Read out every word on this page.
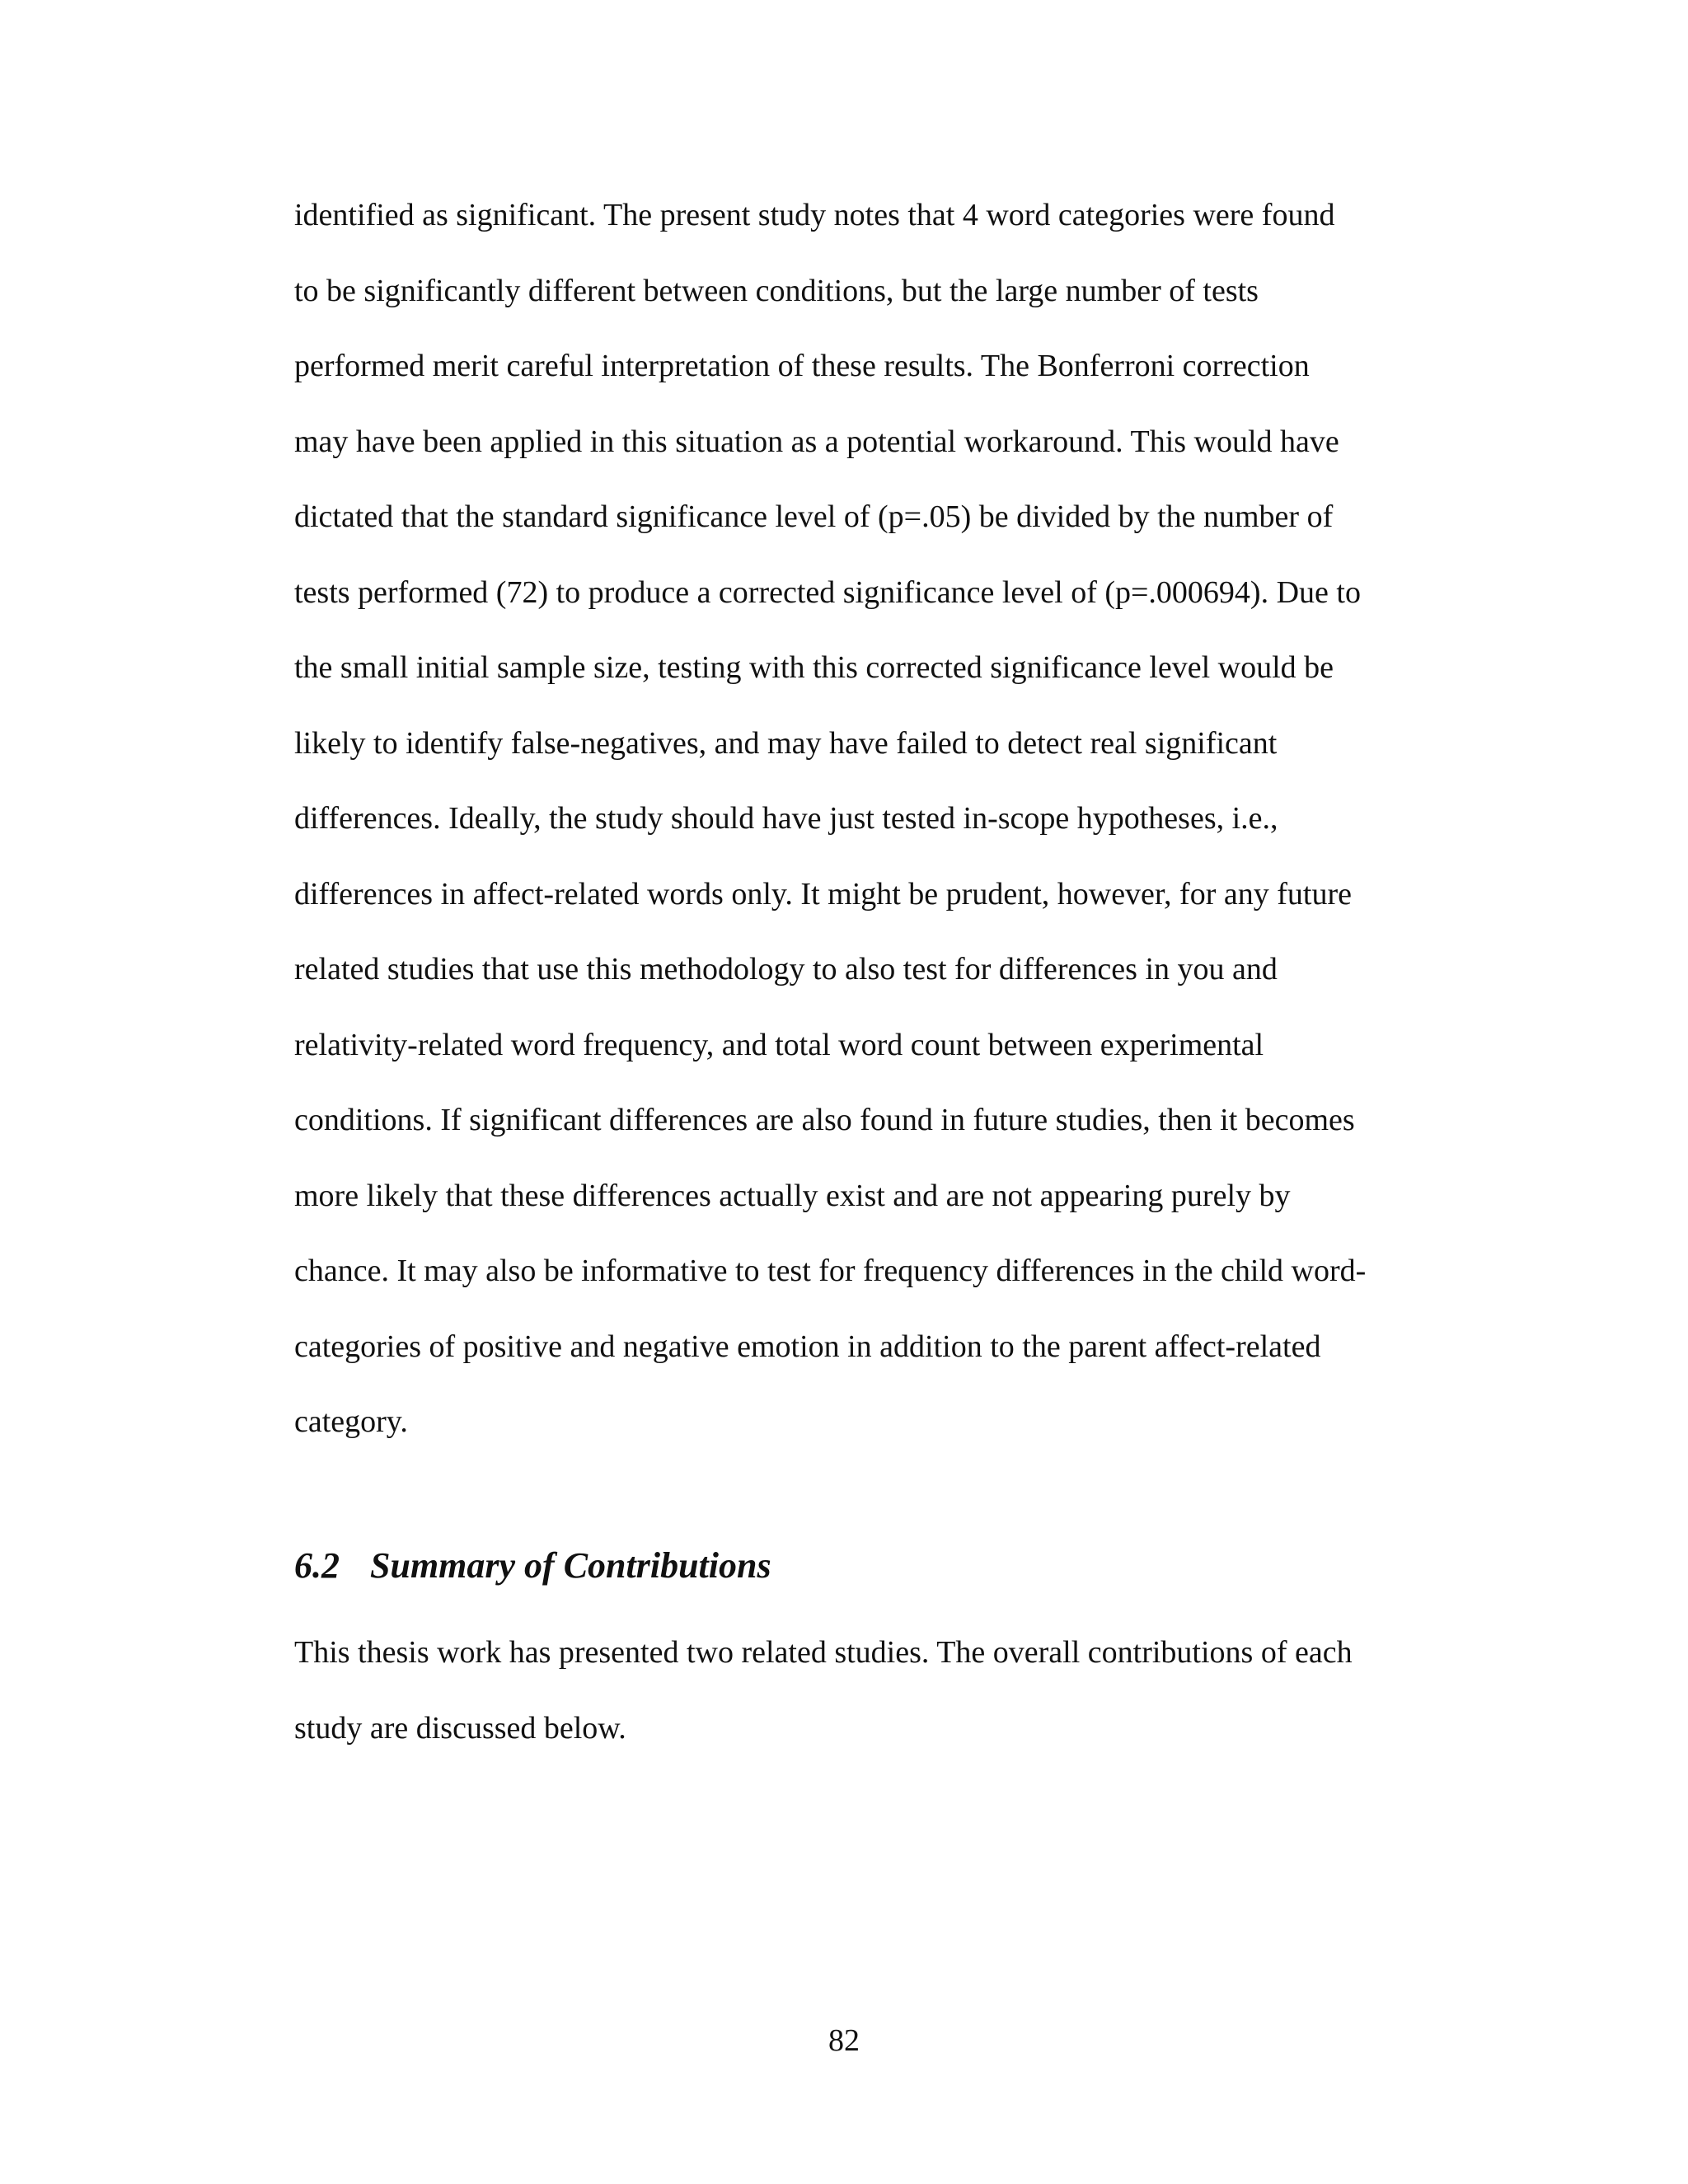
identified as significant. The present study notes that 4 word categories were found
to be significantly different between conditions, but the large number of tests
performed merit careful interpretation of these results. The Bonferroni correction
may have been applied in this situation as a potential workaround. This would have
dictated that the standard significance level of (p=.05) be divided by the number of
tests performed (72) to produce a corrected significance level of (p=.000694). Due to
the small initial sample size, testing with this corrected significance level would be
likely to identify false-negatives, and may have failed to detect real significant
differences. Ideally, the study should have just tested in-scope hypotheses, i.e.,
differences in affect-related words only. It might be prudent, however, for any future
related studies that use this methodology to also test for differences in you and
relativity-related word frequency, and total word count between experimental
conditions. If significant differences are also found in future studies, then it becomes
more likely that these differences actually exist and are not appearing purely by
chance. It may also be informative to test for frequency differences in the child word-
categories of positive and negative emotion in addition to the parent affect-related
category.
6.2 Summary of Contributions
This thesis work has presented two related studies. The overall contributions of each
study are discussed below.
82
